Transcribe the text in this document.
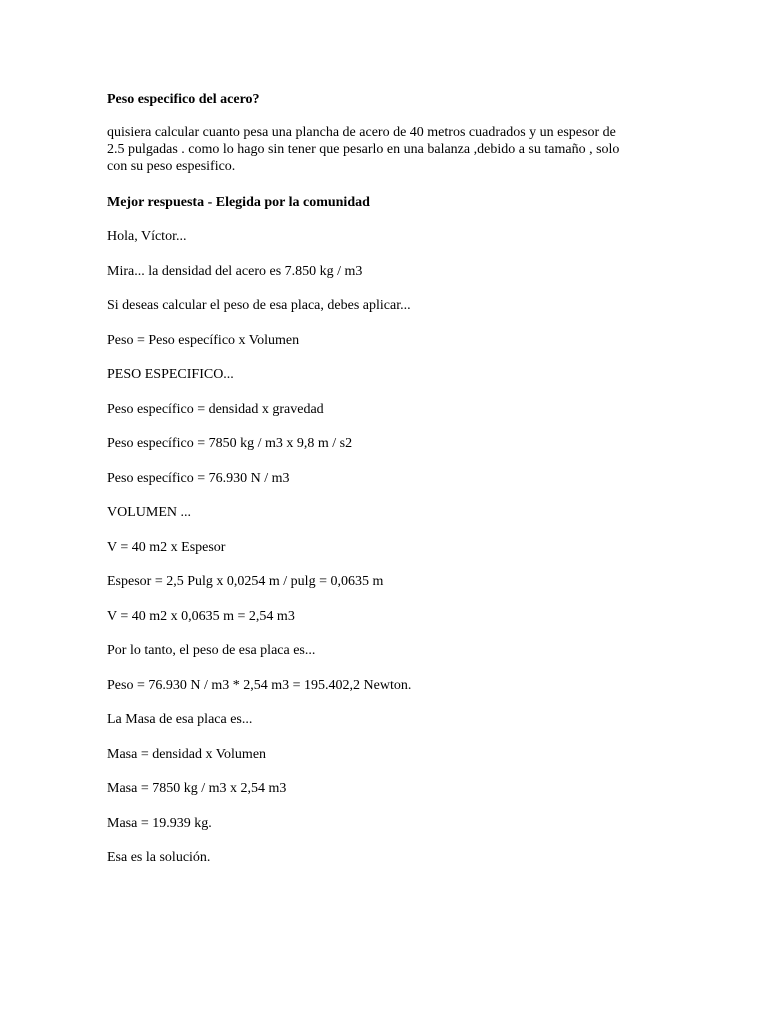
Peso especifico del acero?
quisiera calcular cuanto pesa una plancha de acero de 40 metros cuadrados y un espesor de
2.5 pulgadas . como lo hago sin tener que pesarlo en una balanza ,debido a su tamaño , solo
con su peso espesifico.
Mejor respuesta - Elegida por la comunidad

Hola, Víctor...

Mira... la densidad del acero es 7.850 kg / m3

Si deseas calcular el peso de esa placa, debes aplicar...

Peso = Peso específico x Volumen

PESO ESPECIFICO...

Peso específico = densidad x gravedad

Peso específico = 7850 kg / m3 x 9,8 m / s2

Peso específico = 76.930 N / m3

VOLUMEN ...

V = 40 m2 x Espesor

Espesor = 2,5 Pulg x 0,0254 m / pulg = 0,0635 m

V = 40 m2 x 0,0635 m = 2,54 m3

Por lo tanto, el peso de esa placa es...

Peso = 76.930 N / m3 * 2,54 m3 = 195.402,2 Newton.

La Masa de esa placa es...

Masa = densidad x Volumen

Masa = 7850 kg / m3 x 2,54 m3

Masa = 19.939 kg.

Esa es la solución.
